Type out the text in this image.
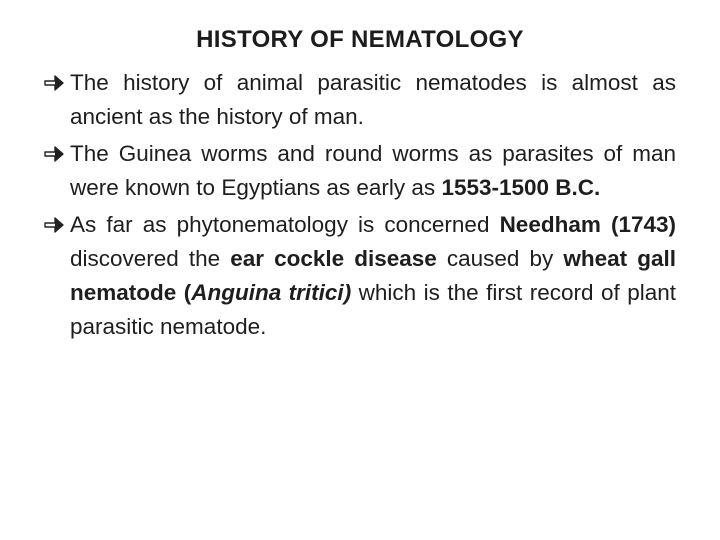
HISTORY OF NEMATOLOGY
The history of animal parasitic nematodes is almost as ancient as the history of man.
The Guinea worms and round worms as parasites of man were known to Egyptians as early as 1553-1500 B.C.
As far as phytonematology is concerned Needham (1743) discovered the ear cockle disease caused by wheat gall nematode (Anguina tritici) which is the first record of plant parasitic nematode.
